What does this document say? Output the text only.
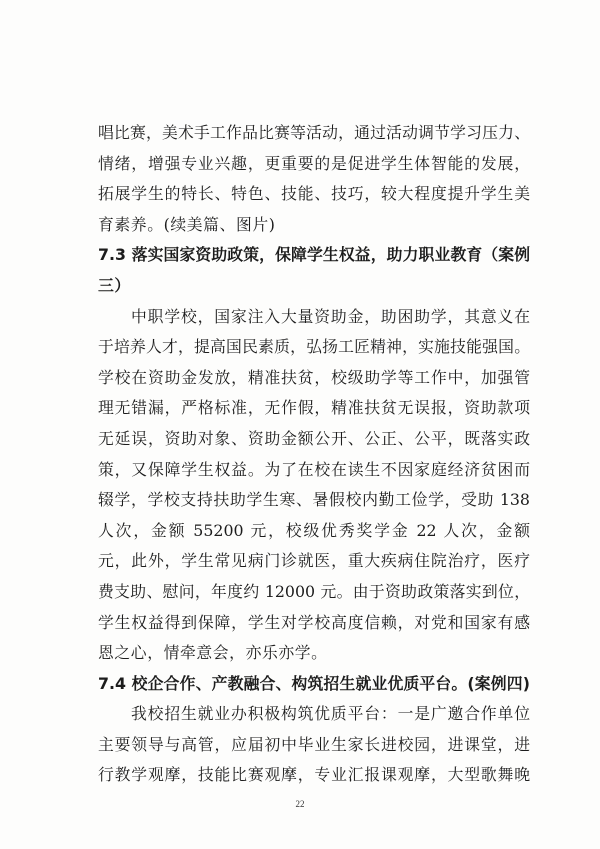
唱比赛，美术手工作品比赛等活动，通过活动调节学习压力、
情绪，增强专业兴趣，更重要的是促进学生体智能的发展，
拓展学生的特长、特色、技能、技巧，较大程度提升学生美
育素养。(续美篇、图片)
7.3 落实国家资助政策，保障学生权益，助力职业教育（案例
三）
中职学校，国家注入大量资助金，助困助学，其意义在
于培养人才，提高国民素质，弘扬工匠精神，实施技能强国。
学校在资助金发放，精准扶贫，校级助学等工作中，加强管
理无错漏，严格标准，无作假，精准扶贫无误报，资助款项
无延误，资助对象、资助金额公开、公正、公平，既落实政
策，又保障学生权益。为了在校在读生不因家庭经济贫困而
辍学，学校支持扶助学生寒、暑假校内勤工俭学，受助 138
人次，金额 55200 元，校级优秀奖学金 22 人次，金额
元，此外，学生常见病门诊就医，重大疾病住院治疗，医疗
费支助、慰问，年度约 12000 元。由于资助政策落实到位，
学生权益得到保障，学生对学校高度信赖，对党和国家有感
恩之心，情牵意会，亦乐亦学。
7.4 校企合作、产教融合、构筑招生就业优质平台。(案例四)
我校招生就业办积极构筑优质平台：一是广邀合作单位
主要领导与高管，应届初中毕业生家长进校园，进课堂，进
行教学观摩，技能比赛观摩，专业汇报课观摩，大型歌舞晚
22
